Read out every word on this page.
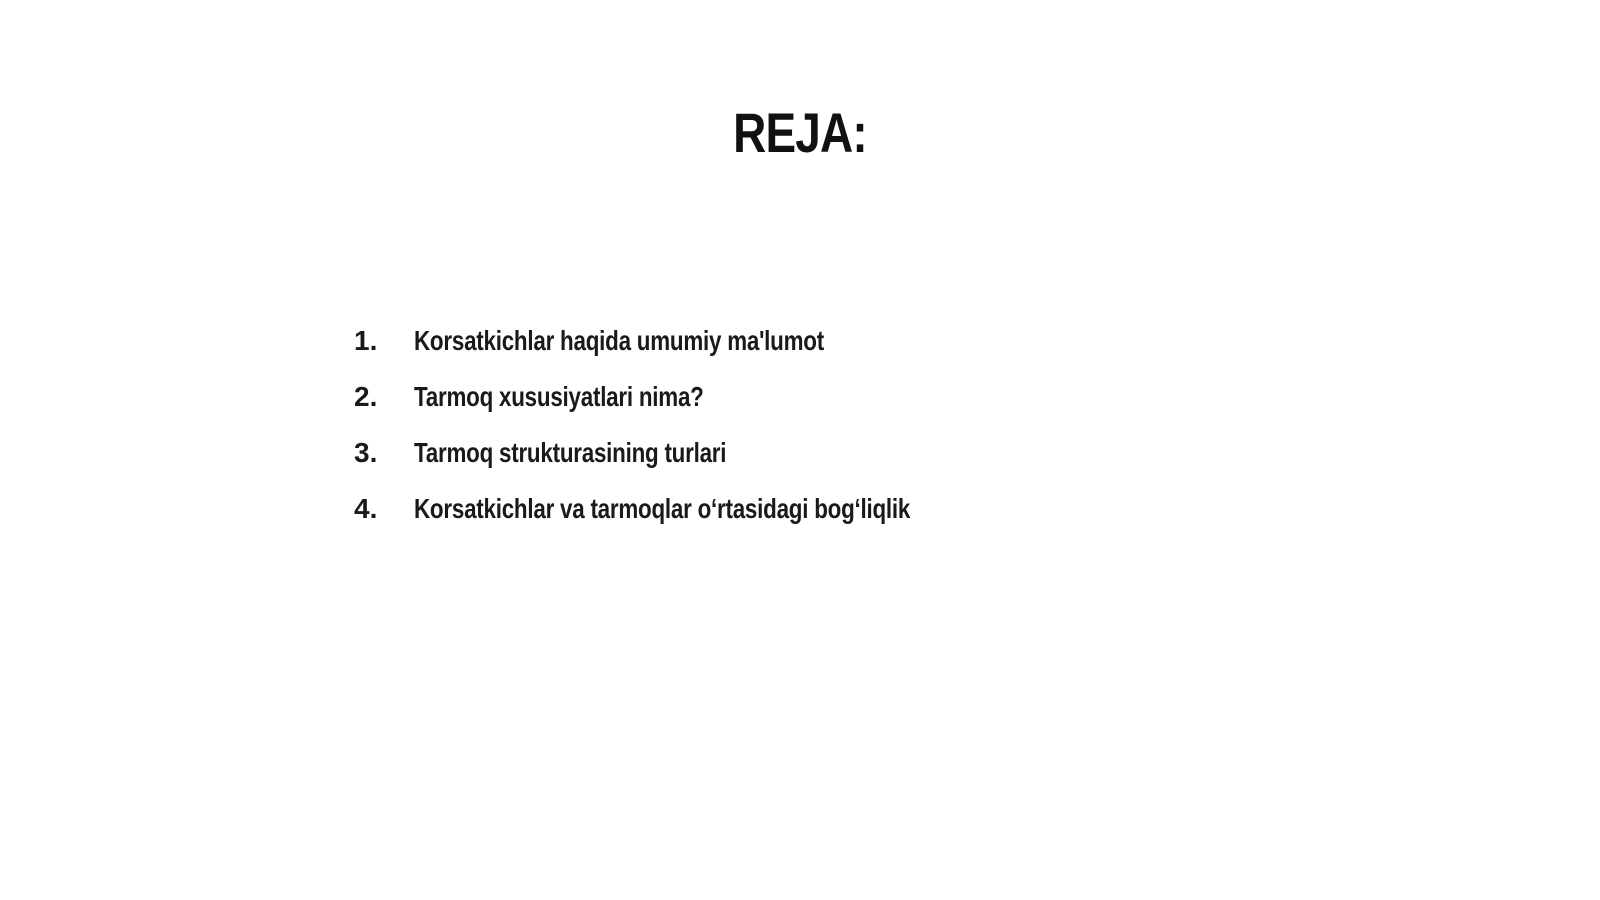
REJA:
1.	Korsatkichlar haqida umumiy ma'lumot
2.	Tarmoq xususiyatlari nima?
3.	Tarmoq strukturasining turlari
4.	Korsatkichlar va tarmoqlar o‘rtasidagi bog‘liqlik
